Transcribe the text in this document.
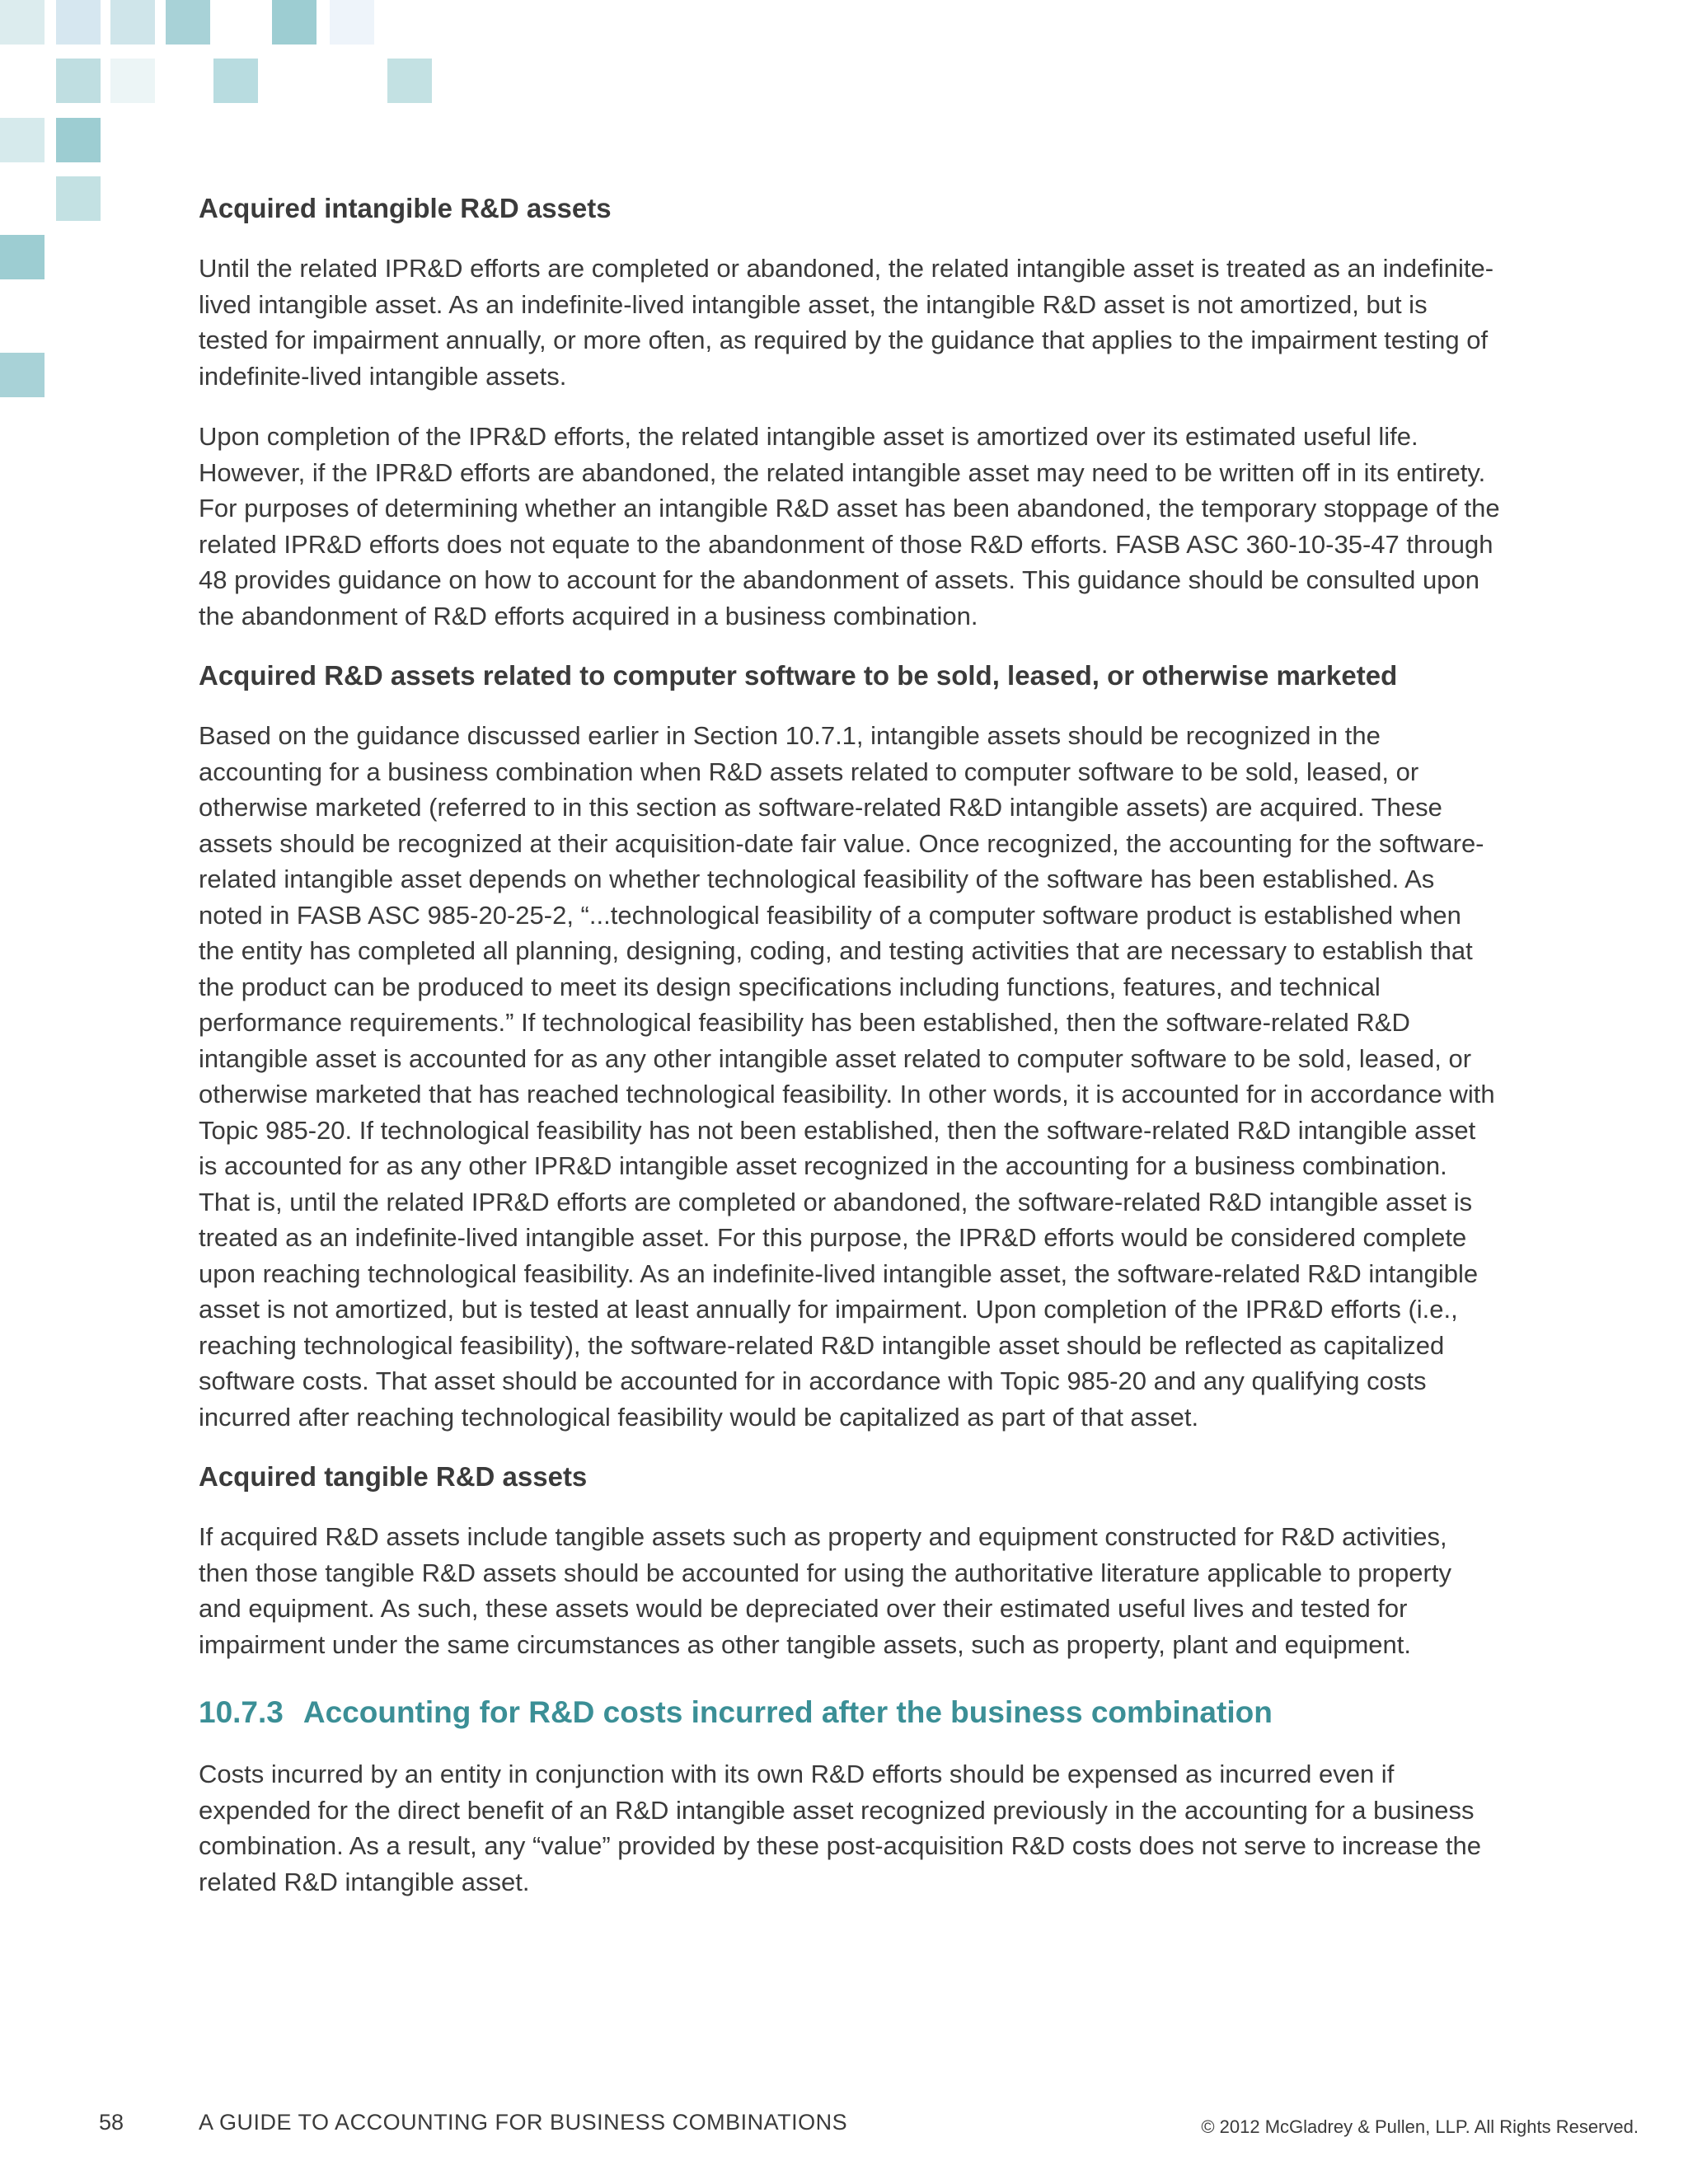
Acquired intangible R&D assets

Until the related IPR&D efforts are completed or abandoned, the related intangible asset is treated as an indefinite-lived intangible asset. As an indefinite-lived intangible asset, the intangible R&D asset is not amortized, but is tested for impairment annually, or more often, as required by the guidance that applies to the impairment testing of indefinite-lived intangible assets.

Upon completion of the IPR&D efforts, the related intangible asset is amortized over its estimated useful life. However, if the IPR&D efforts are abandoned, the related intangible asset may need to be written off in its entirety. For purposes of determining whether an intangible R&D asset has been abandoned, the temporary stoppage of the related IPR&D efforts does not equate to the abandonment of those R&D efforts. FASB ASC 360-10-35-47 through 48 provides guidance on how to account for the abandonment of assets. This guidance should be consulted upon the abandonment of R&D efforts acquired in a business combination.

Acquired R&D assets related to computer software to be sold, leased, or otherwise marketed

Based on the guidance discussed earlier in Section 10.7.1, intangible assets should be recognized in the accounting for a business combination when R&D assets related to computer software to be sold, leased, or otherwise marketed (referred to in this section as software-related R&D intangible assets) are acquired. These assets should be recognized at their acquisition-date fair value. Once recognized, the accounting for the software-related intangible asset depends on whether technological feasibility of the software has been established. As noted in FASB ASC 985-20-25-2, “...technological feasibility of a computer software product is established when the entity has completed all planning, designing, coding, and testing activities that are necessary to establish that the product can be produced to meet its design specifications including functions, features, and technical performance requirements.” If technological feasibility has been established, then the software-related R&D intangible asset is accounted for as any other intangible asset related to computer software to be sold, leased, or otherwise marketed that has reached technological feasibility. In other words, it is accounted for in accordance with Topic 985-20. If technological feasibility has not been established, then the software-related R&D intangible asset is accounted for as any other IPR&D intangible asset recognized in the accounting for a business combination. That is, until the related IPR&D efforts are completed or abandoned, the software-related R&D intangible asset is treated as an indefinite-lived intangible asset. For this purpose, the IPR&D efforts would be considered complete upon reaching technological feasibility. As an indefinite-lived intangible asset, the software-related R&D intangible asset is not amortized, but is tested at least annually for impairment. Upon completion of the IPR&D efforts (i.e., reaching technological feasibility), the software-related R&D intangible asset should be reflected as capitalized software costs. That asset should be accounted for in accordance with Topic 985-20 and any qualifying costs incurred after reaching technological feasibility would be capitalized as part of that asset.

Acquired tangible R&D assets

If acquired R&D assets include tangible assets such as property and equipment constructed for R&D activities, then those tangible R&D assets should be accounted for using the authoritative literature applicable to property and equipment. As such, these assets would be depreciated over their estimated useful lives and tested for impairment under the same circumstances as other tangible assets, such as property, plant and equipment.

10.7.3 Accounting for R&D costs incurred after the business combination

Costs incurred by an entity in conjunction with its own R&D efforts should be expensed as incurred even if expended for the direct benefit of an R&D intangible asset recognized previously in the accounting for a business combination. As a result, any “value” provided by these post-acquisition R&D costs does not serve to increase the related R&D intangible asset.

58	A GUIDE TO ACCOUNTING FOR BUSINESS COMBINATIONS	© 2012 McGladrey & Pullen, LLP. All Rights Reserved.
